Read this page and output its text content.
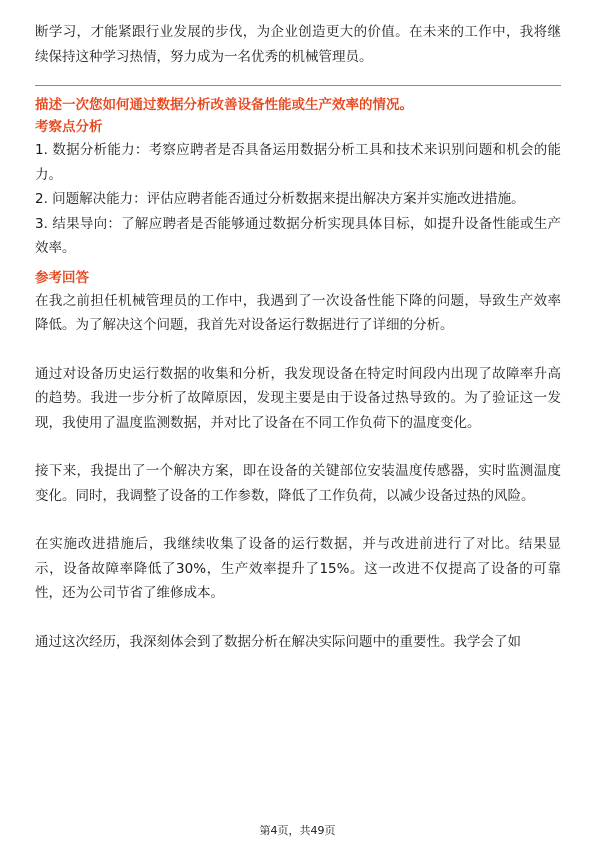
断学习，才能紧跟行业发展的步伐，为企业创造更大的价值。在未来的工作中，我将继续保持这种学习热情，努力成为一名优秀的机械管理员。

描述一次您如何通过数据分析改善设备性能或生产效率的情况。

考察点分析

1. 数据分析能力：考察应聘者是否具备运用数据分析工具和技术来识别问题和机会的能力。

2. 问题解决能力：评估应聘者能否通过分析数据来提出解决方案并实施改进措施。

3. 结果导向：了解应聘者是否能够通过数据分析实现具体目标，如提升设备性能或生产效率。

参考回答

在我之前担任机械管理员的工作中，我遇到了一次设备性能下降的问题，导致生产效率降低。为了解决这个问题，我首先对设备运行数据进行了详细的分析。

通过对设备历史运行数据的收集和分析，我发现设备在特定时间段内出现了故障率升高的趋势。我进一步分析了故障原因，发现主要是由于设备过热导致的。为了验证这一发现，我使用了温度监测数据，并对比了设备在不同工作负荷下的温度变化。

接下来，我提出了一个解决方案，即在设备的关键部位安装温度传感器，实时监测温度变化。同时，我调整了设备的工作参数，降低了工作负荷，以减少设备过热的风险。

在实施改进措施后，我继续收集了设备的运行数据，并与改进前进行了对比。结果显示，设备故障率降低了30%，生产效率提升了15%。这一改进不仅提高了设备的可靠性，还为公司节省了维修成本。

通过这次经历，我深刻体会到了数据分析在解决实际问题中的重要性。我学会了如

第4页，共49页
